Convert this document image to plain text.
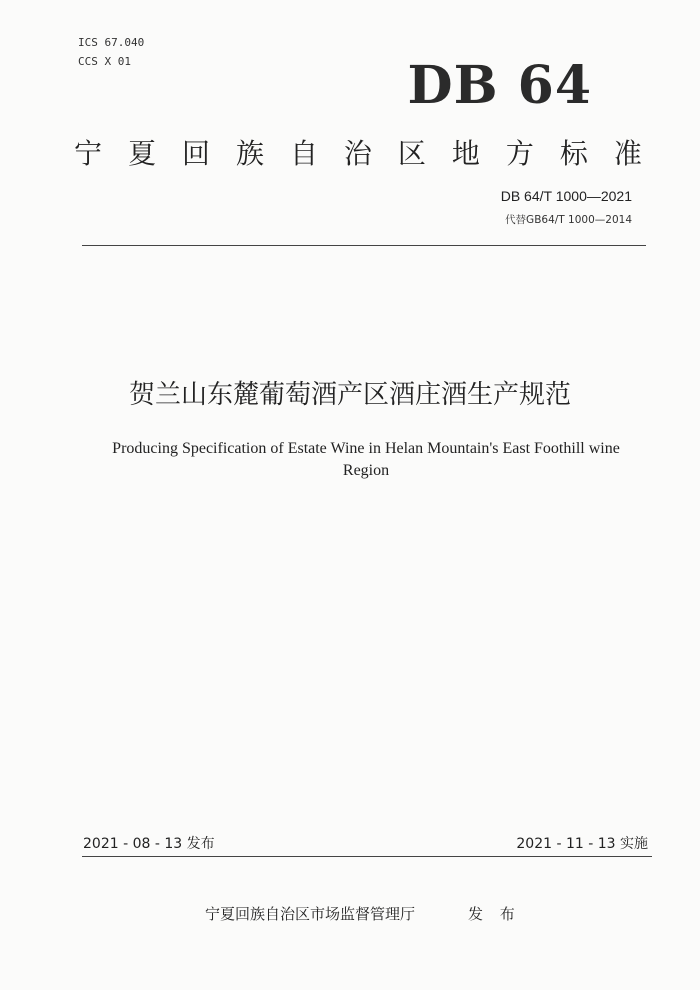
ICS 67.040
CCS X 01	DB 64
宁 夏 回 族 自 治 区 地 方 标 准
DB 64/T 1000—2021
代替GB64/T 1000—2014
贺兰山东麓葡萄酒产区酒庄酒生产规范
Producing Specification of Estate Wine in Helan Mountain's East Foothill wine Region
2021 - 08 - 13 发布	2021 - 11 - 13 实施
宁夏回族自治区市场监督管理厅	发 布
